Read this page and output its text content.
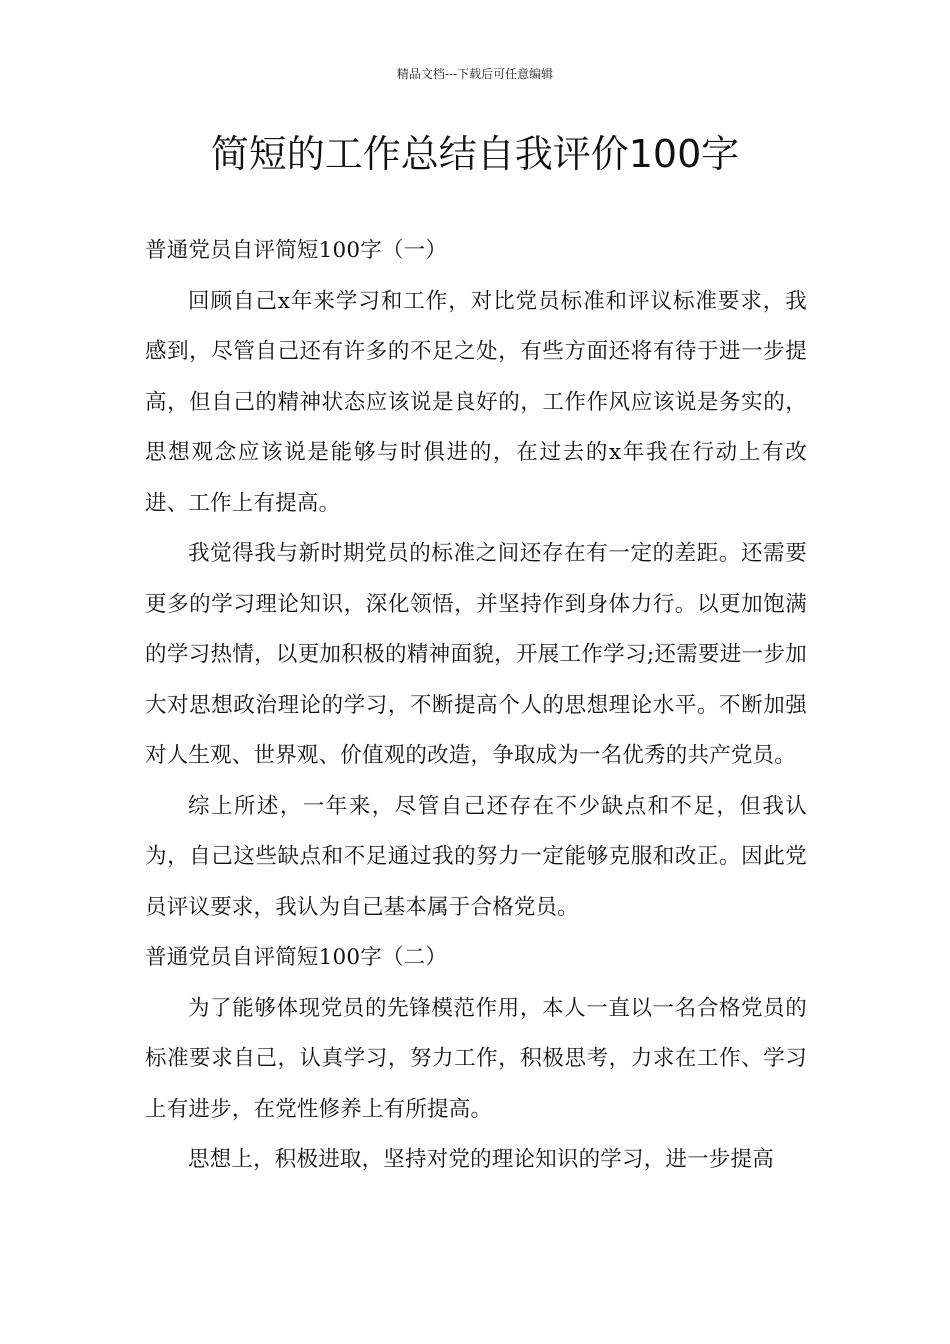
精品文档---下载后可任意编辑
简短的工作总结自我评价100字

普通党员自评简短100字（一）

回顾自己x年来学习和工作，对比党员标准和评议标准要求，我感到，尽管自己还有许多的不足之处，有些方面还将有待于进一步提高，但自己的精神状态应该说是良好的，工作作风应该说是务实的，思想观念应该说是能够与时俱进的，在过去的x年我在行动上有改进、工作上有提高。

我觉得我与新时期党员的标准之间还存在有一定的差距。还需要更多的学习理论知识，深化领悟，并坚持作到身体力行。以更加饱满的学习热情，以更加积极的精神面貌，开展工作学习;还需要进一步加大对思想政治理论的学习，不断提高个人的思想理论水平。不断加强对人生观、世界观、价值观的改造，争取成为一名优秀的共产党员。

综上所述，一年来，尽管自己还存在不少缺点和不足，但我认为，自己这些缺点和不足通过我的努力一定能够克服和改正。因此党员评议要求，我认为自己基本属于合格党员。

普通党员自评简短100字（二）

为了能够体现党员的先锋模范作用，本人一直以一名合格党员的标准要求自己，认真学习，努力工作，积极思考，力求在工作、学习上有进步，在党性修养上有所提高。

思想上，积极进取，坚持对党的理论知识的学习，进一步提高
